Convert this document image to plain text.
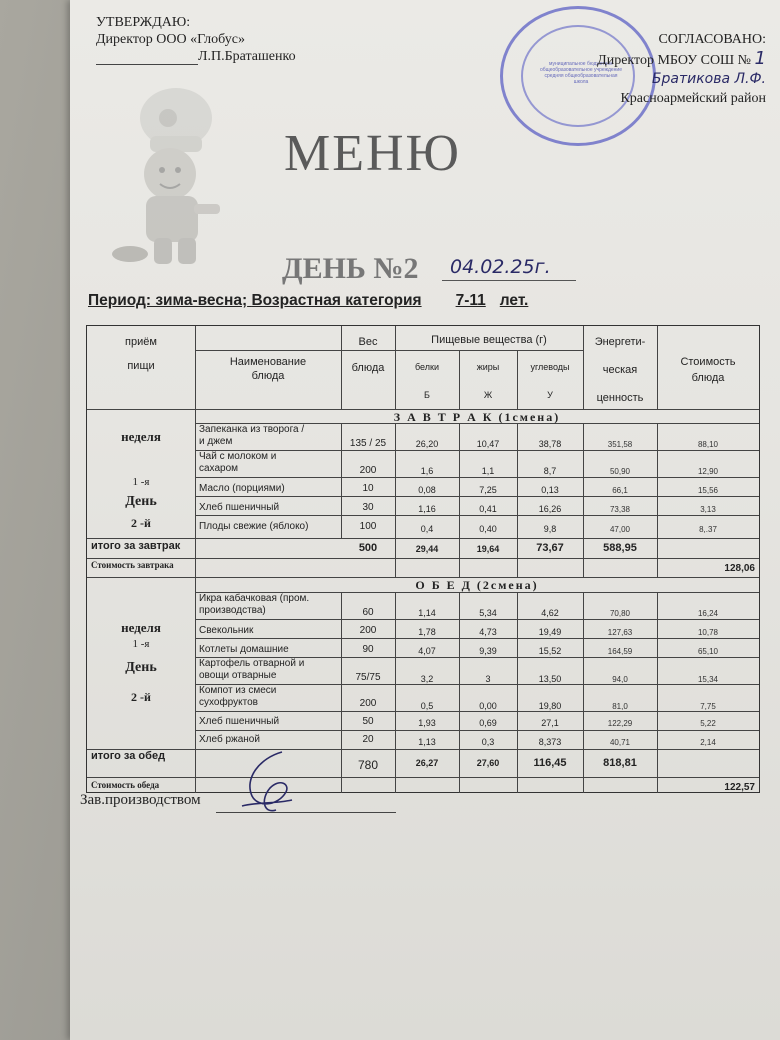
УТВЕРЖДАЮ:
Директор ООО «Глобус»
Л.П.Браташенко	муниципальное бюджетное общеобразовательное учреждение средняя общеобразовательная школа
СОГЛАСОВАНО:
Директор МБОУ СОШ № 1
Братикова Л.Ф.
Красноармейский район
МЕНЮ
ДЕНЬ №2 04.02.25г.
Период: зима-весна; Возрастная категория 7-11 лет.
приём
пищи	Наименование
блюда
Вес
блюда
Пищевые вещества (г)
белки
Б
жиры
Ж
углеводы
У
Энергети-
ческая
ценность
Стоимость
блюда
неделя
1 -я
День
2 -й
З А В Т Р А К (1смена)
Запеканка из творога /
и джем	135 / 25	26,20	10,47	38,78	351,58	88,10
Чай с молоком и
сахаром	200	1,6	1,1	8,7	50,90	12,90
Масло (порциями)	10	0,08	7,25	0,13	66,1	15,56
Хлеб пшеничный	30	1,16	0,41	16,26	73,38	3,13
Плоды свежие (яблоко)	100	0,4	0,40	9,8	47,00	8,.37
итого за завтрак	500	29,44	19,64	73,67	588,95
Стоимость завтрака	128,06
О Б Е Д (2смена)
неделя
1 -я
День
2 -й
Икра кабачковая (пром.
производства)	60	1,14	5,34	4,62	70,80	16,24
Свекольник	200	1,78	4,73	19,49	127,63	10,78
Котлеты домашние	90	4,07	9,39	15,52	164,59	65,10
Картофель отварной и
овощи отварные	75/75	3,2	3	13,50	94,0	15,34
Компот из смеси
сухофруктов	200	0,5	0,00	19,80	81,0	7,75
Хлеб пшеничный	50	1,93	0,69	27,1	122,29	5,22
Хлеб ржаной	20	1,13	0,3	8,373	40,71	2,14
итого за обед
780	26,27	27,60	116,45	818,81
Стоимость обеда	122,57
Зав.производством
